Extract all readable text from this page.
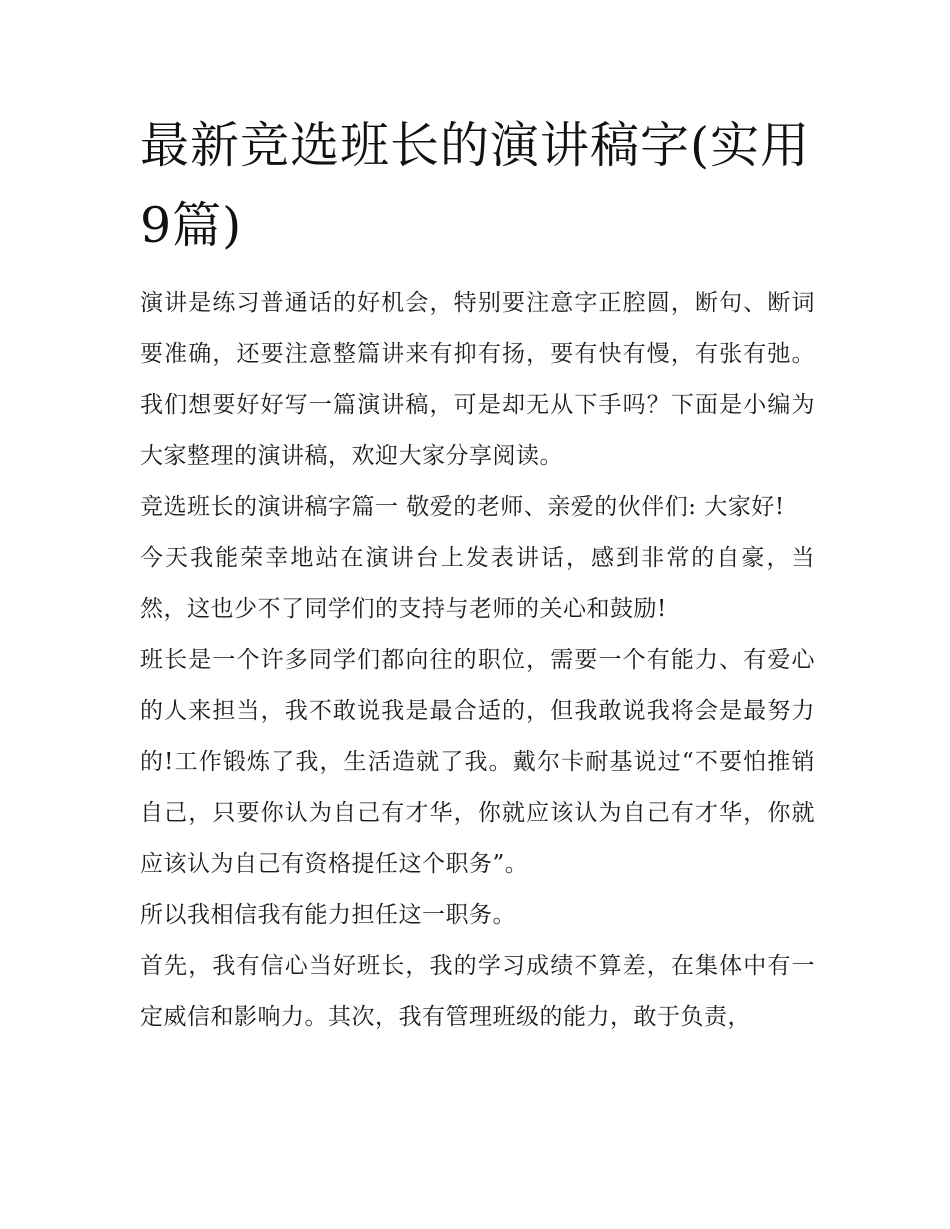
最新竞选班长的演讲稿字(实用9篇)

演讲是练习普通话的好机会，特别要注意字正腔圆，断句、断词要准确，还要注意整篇讲来有抑有扬，要有快有慢，有张有弛。我们想要好好写一篇演讲稿，可是却无从下手吗？下面是小编为大家整理的演讲稿，欢迎大家分享阅读。

竞选班长的演讲稿字篇一 敬爱的老师、亲爱的伙伴们: 大家好!

今天我能荣幸地站在演讲台上发表讲话，感到非常的自豪，当然，这也少不了同学们的支持与老师的关心和鼓励!

班长是一个许多同学们都向往的职位，需要一个有能力、有爱心的人来担当，我不敢说我是最合适的，但我敢说我将会是最努力的!工作锻炼了我，生活造就了我。戴尔卡耐基说过“不要怕推销自己，只要你认为自己有才华，你就应该认为自己有才华，你就应该认为自己有资格提任这个职务”。

所以我相信我有能力担任这一职务。

首先，我有信心当好班长，我的学习成绩不算差，在集体中有一定威信和影响力。其次，我有管理班级的能力，敢于负责，
